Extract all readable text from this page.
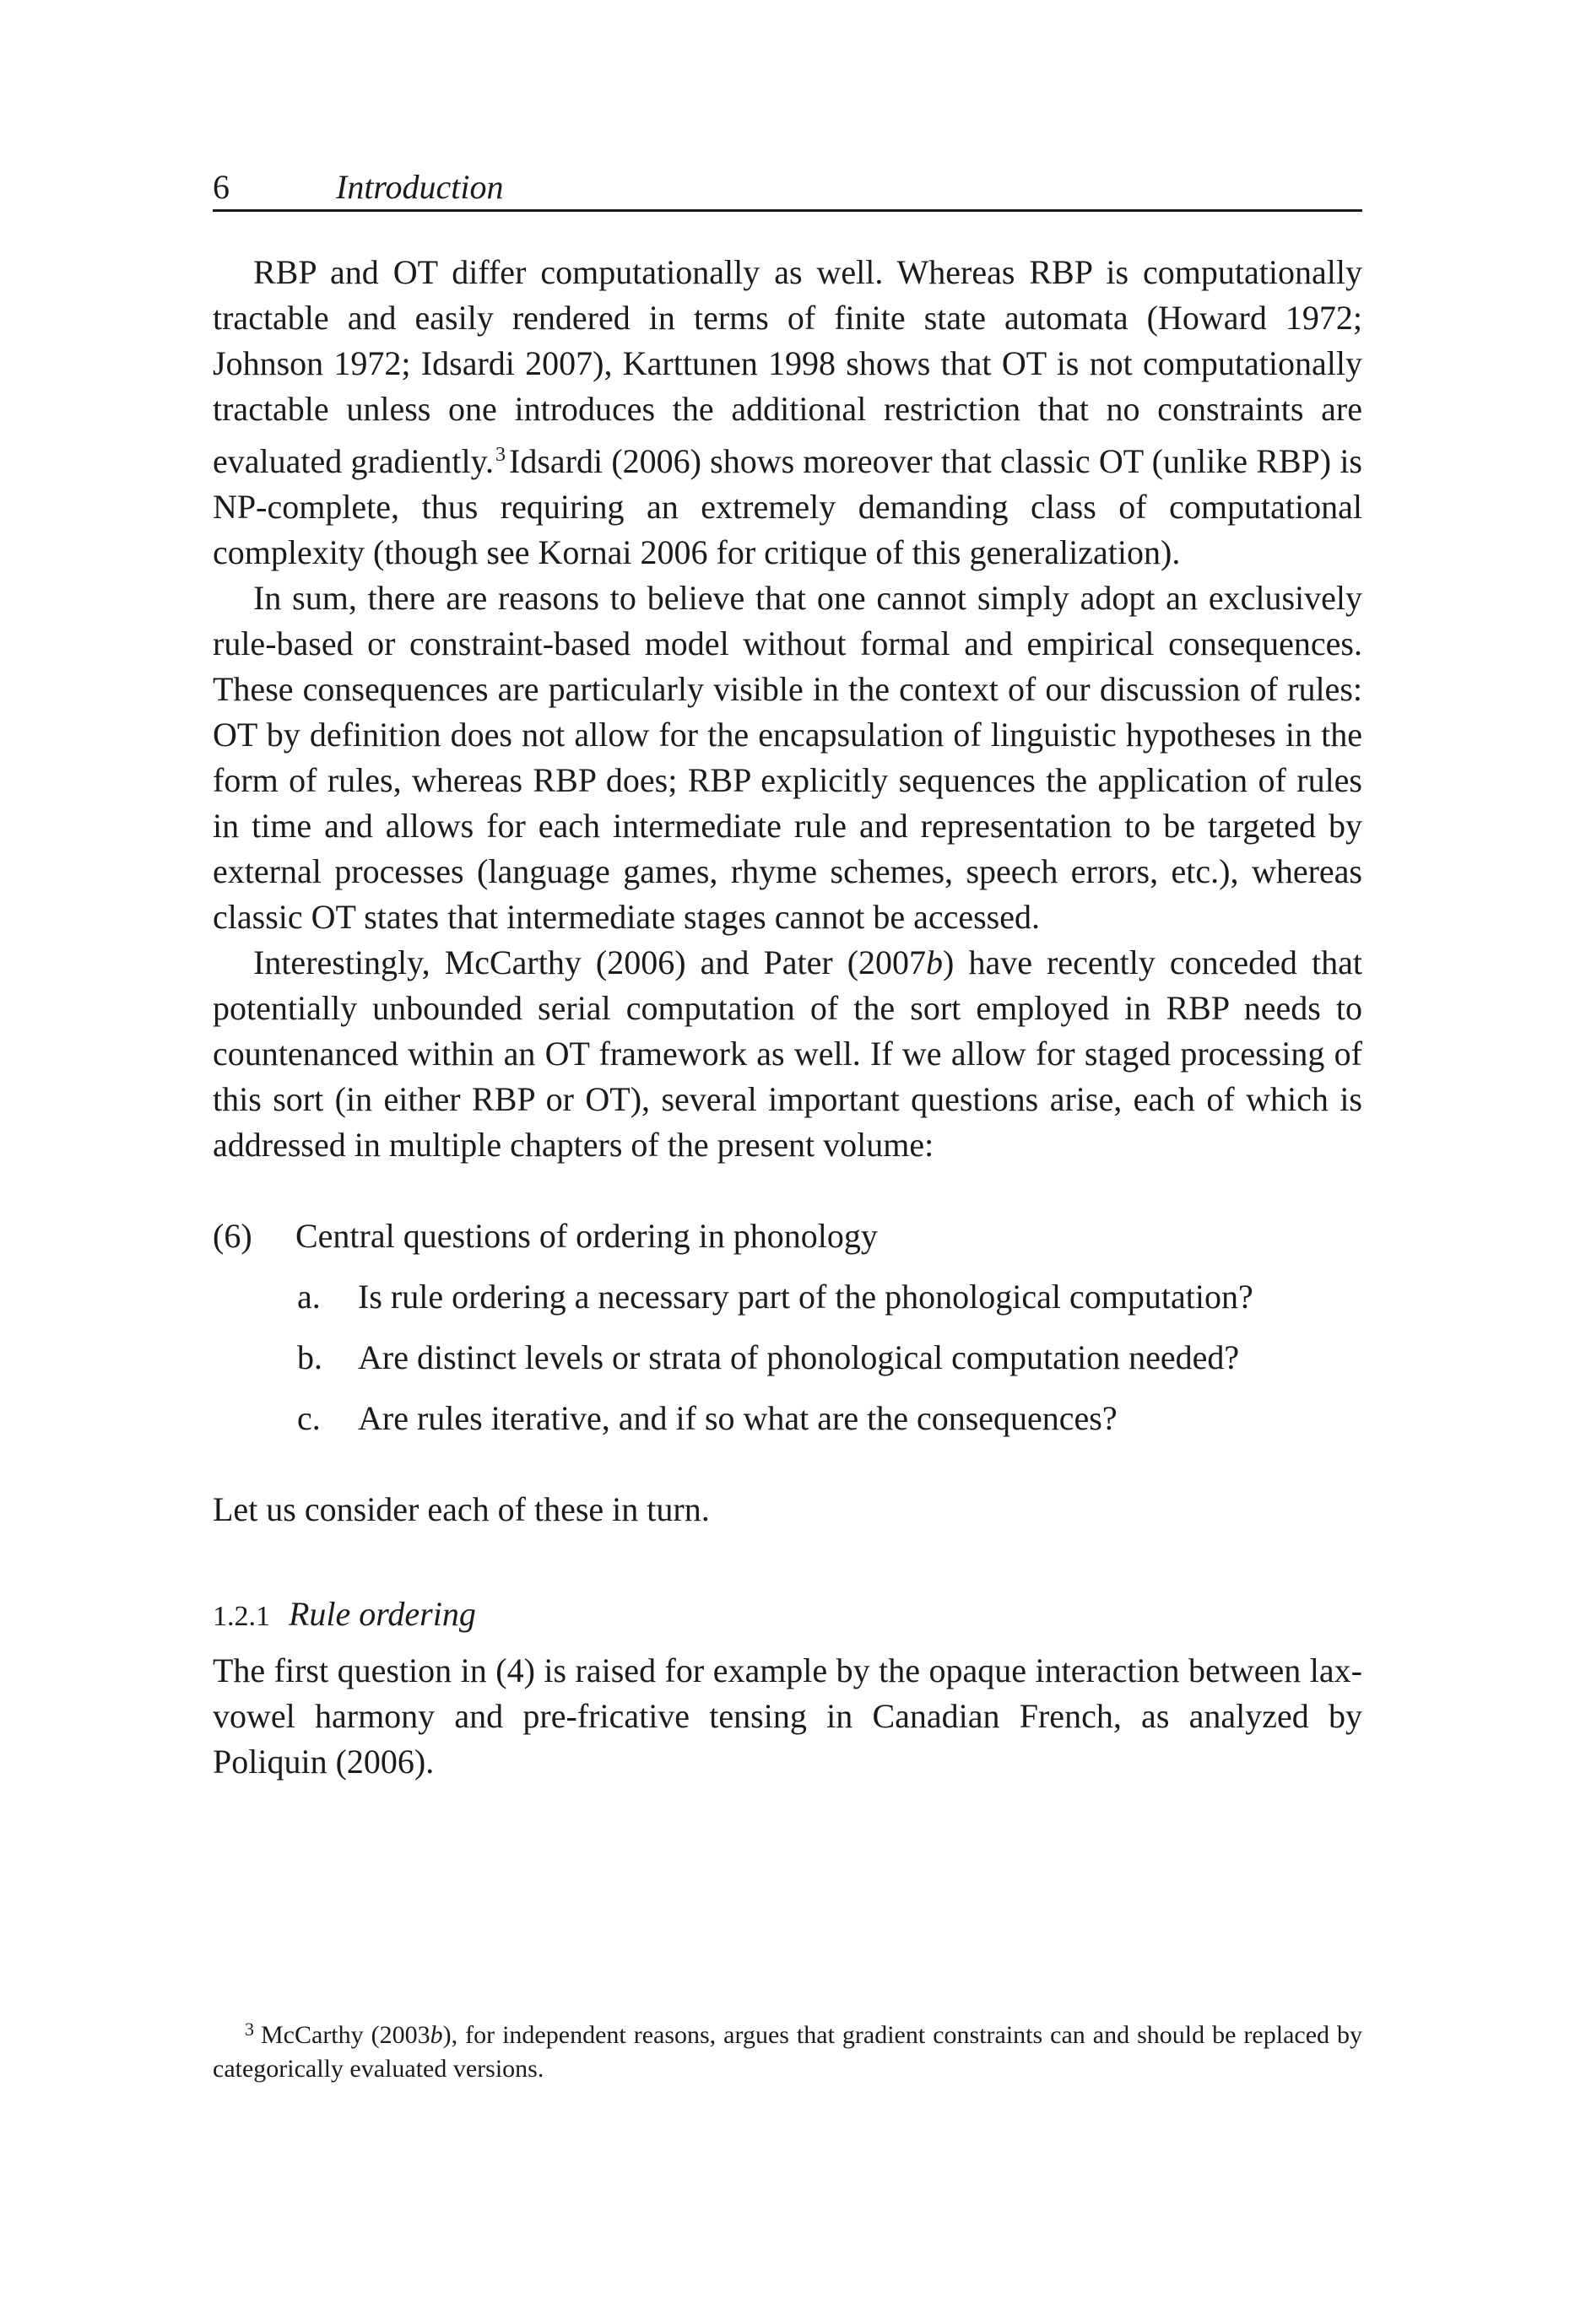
6	Introduction

RBP and OT differ computationally as well. Whereas RBP is computationally tractable and easily rendered in terms of finite state automata (Howard 1972; Johnson 1972; Idsardi 2007), Karttunen 1998 shows that OT is not computationally tractable unless one introduces the additional restriction that no constraints are evaluated gradiently.$^3$ Idsardi (2006) shows moreover that classic OT (unlike RBP) is NP-complete, thus requiring an extremely demanding class of computational complexity (though see Kornai 2006 for critique of this generalization).

In sum, there are reasons to believe that one cannot simply adopt an exclusively rule-based or constraint-based model without formal and empirical consequences. These consequences are particularly visible in the context of our discussion of rules: OT by definition does not allow for the encapsulation of linguistic hypotheses in the form of rules, whereas RBP does; RBP explicitly sequences the application of rules in time and allows for each intermediate rule and representation to be targeted by external processes (language games, rhyme schemes, speech errors, etc.), whereas classic OT states that intermediate stages cannot be accessed.

Interestingly, McCarthy (2006) and Pater (2007b) have recently conceded that potentially unbounded serial computation of the sort employed in RBP needs to countenanced within an OT framework as well. If we allow for staged processing of this sort (in either RBP or OT), several important questions arise, each of which is addressed in multiple chapters of the present volume:

(6) Central questions of ordering in phonology
a. Is rule ordering a necessary part of the phonological computation?
b. Are distinct levels or strata of phonological computation needed?
c. Are rules iterative, and if so what are the consequences?
Let us consider each of these in turn.
1.2.1 Rule ordering

The first question in (4) is raised for example by the opaque interaction between lax-vowel harmony and pre-fricative tensing in Canadian French, as analyzed by Poliquin (2006).

$^3$ McCarthy (2003b), for independent reasons, argues that gradient constraints can and should be replaced by categorically evaluated versions.
